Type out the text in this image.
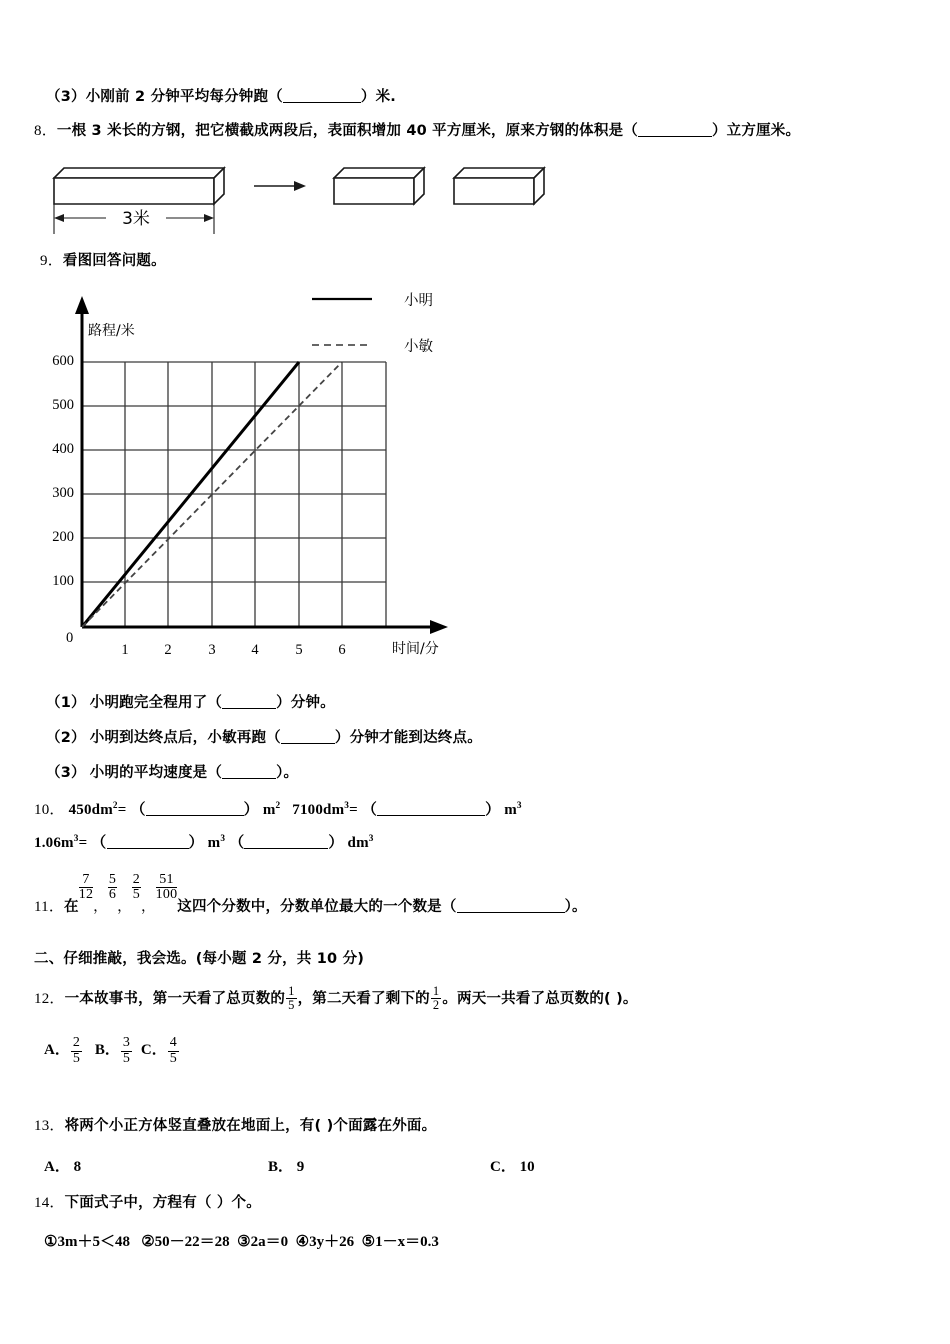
（3）小刚前 2 分钟平均每分钟跑（	）米.
8．一根 3 米长的方钢，把它横截成两段后，表面积增加 40 平方厘米，原来方钢的体积是（	）立方厘米。
3米
9．看图回答问题。
小明
小敏
路程/米
时间/分
600
500
400
300
200
100
0
1	2	3	4	5	6
（1） 小明跑完全程用了（	）分钟。
（2） 小明到达终点后，小敏再跑（	）分钟才能到达终点。
（3） 小明的平均速度是（	）。
10． $450dm^2=$ （	） $m^2$ $7100dm^3=$ （	） $m^3$
$1.06m^3=$ （	） $m^3$ （	） $dm^3$
11．在 $\frac{7}{12}$ ， $\frac{5}{6}$ ， $\frac{2}{5}$ ， $\frac{51}{100}$ 这四个分数中，分数单位最大的一个数是（	）。
二、仔细推敲，我会选。(每小题 2 分，共 10 分)
12．一本故事书，第一天看了总页数的 $\frac{1}{5}$ ，第二天看了剩下的 $\frac{1}{2}$ 。两天一共看了总页数的( )。
A． $\frac{2}{5}$ B． $\frac{3}{5}$ C． $\frac{4}{5}$
13．将两个小正方体竖直叠放在地面上，有( )个面露在外面。
A． 8	B． 9	C． 10
14．下面式子中，方程有（ ）个。
①3m＋5＜48 ②50－22＝28 ③2a＝0 ④3y＋26 ⑤1－x＝0.3
